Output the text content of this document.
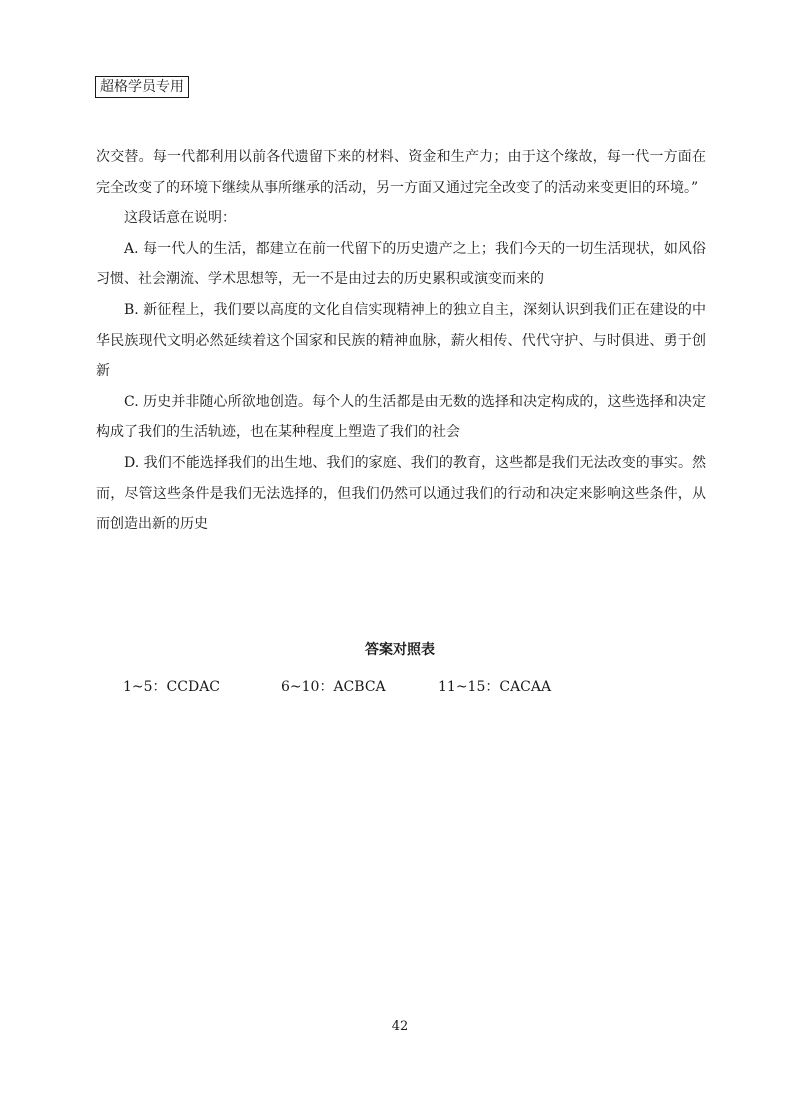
超格学员专用

次交替。每一代都利用以前各代遗留下来的材料、资金和生产力；由于这个缘故，每一代一方面在完全改变了的环境下继续从事所继承的活动，另一方面又通过完全改变了的活动来变更旧的环境。”

这段话意在说明：

A. 每一代人的生活，都建立在前一代留下的历史遗产之上；我们今天的一切生活现状，如风俗习惯、社会潮流、学术思想等，无一不是由过去的历史累积或演变而来的

B. 新征程上，我们要以高度的文化自信实现精神上的独立自主，深刻认识到我们正在建设的中华民族现代文明必然延续着这个国家和民族的精神血脉，薪火相传、代代守护、与时俱进、勇于创新

C. 历史并非随心所欲地创造。每个人的生活都是由无数的选择和决定构成的，这些选择和决定构成了我们的生活轨迹，也在某种程度上塑造了我们的社会

D. 我们不能选择我们的出生地、我们的家庭、我们的教育，这些都是我们无法改变的事实。然而，尽管这些条件是我们无法选择的，但我们仍然可以通过我们的行动和决定来影响这些条件，从而创造出新的历史

答案对照表
1~5：CCDAC	6~10：ACBCA	11~15：CACAA
42
